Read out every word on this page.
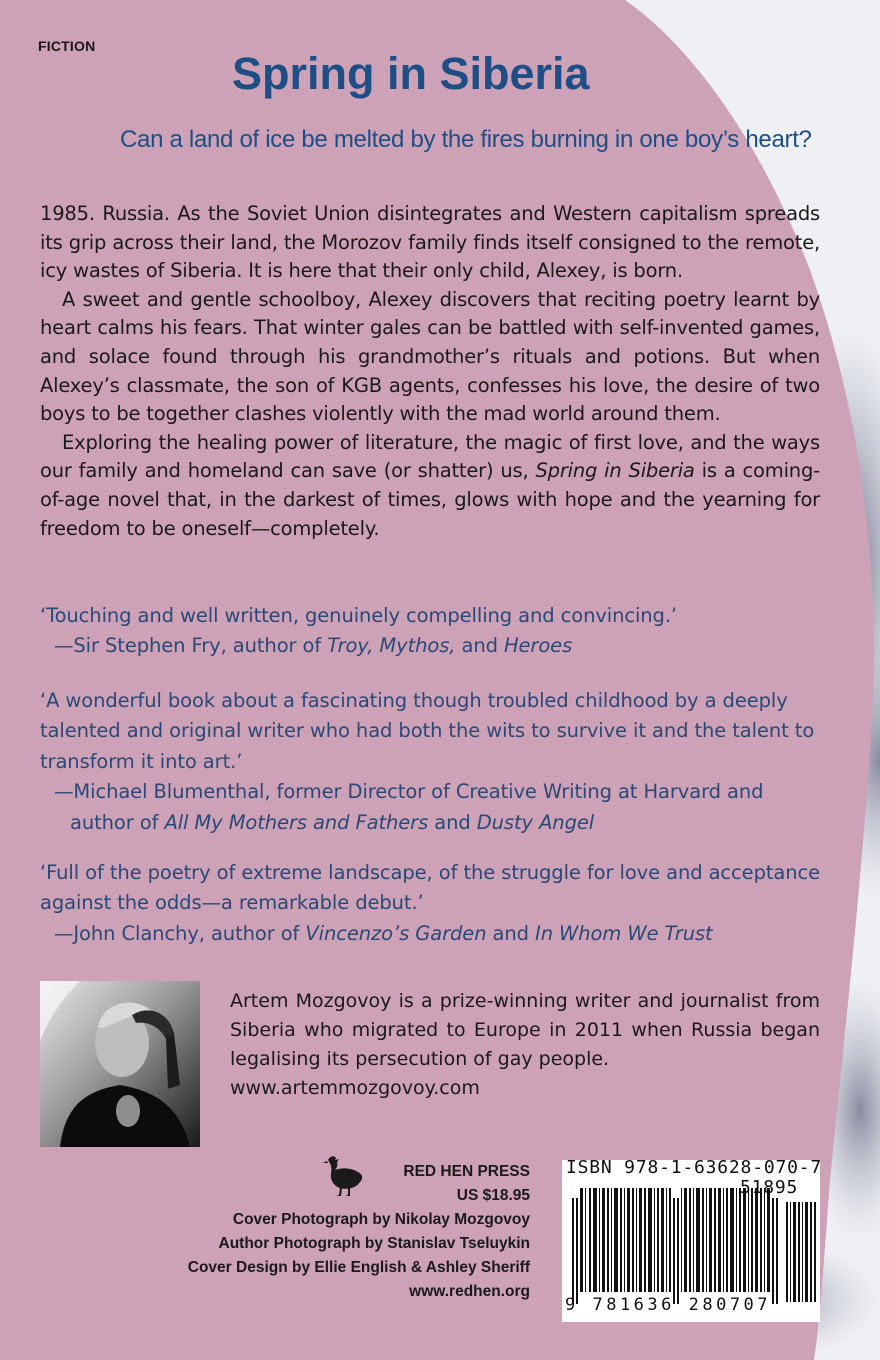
FICTION
Spring in Siberia
Can a land of ice be melted by the fires burning in one boy’s heart?

1985. Russia. As the Soviet Union disintegrates and Western capitalism spreads its grip across their land, the Morozov family finds itself consigned to the remote, icy wastes of Siberia. It is here that their only child, Alexey, is born.

A sweet and gentle schoolboy, Alexey discovers that reciting poetry learnt by heart calms his fears. That winter gales can be battled with self-invented games, and solace found through his grandmother’s rituals and potions. But when Alexey’s classmate, the son of KGB agents, confesses his love, the desire of two boys to be together clashes violently with the mad world around them.

Exploring the healing power of literature, the magic of first love, and the ways our family and homeland can save (or shatter) us, Spring in Siberia is a coming-of-age novel that, in the darkest of times, glows with hope and the yearning for freedom to be oneself—completely.

‘Touching and well written, genuinely compelling and convincing.’

—Sir Stephen Fry, author of Troy, Mythos, and Heroes

‘A wonderful book about a fascinating though troubled childhood by a deeply talented and original writer who had both the wits to survive it and the talent to transform it into art.’

—Michael Blumenthal, former Director of Creative Writing at Harvard and

author of All My Mothers and Fathers and Dusty Angel

‘Full of the poetry of extreme landscape, of the struggle for love and acceptance against the odds—a remarkable debut.’

—John Clanchy, author of Vincenzo’s Garden and In Whom We Trust

Artem Mozgovoy is a prize-winning writer and journalist from Siberia who migrated to Europe in 2011 when Russia began legalising its persecution of gay people.

www.artemmozgovoy.com

RED HEN PRESS
US $18.95
Cover Photograph by Nikolay Mozgovoy
Author Photograph by Stanislav Tseluykin
Cover Design by Ellie English & Ashley Sheriff
www.redhen.org
ISBN 978-1-63628-070-7
51895
9 781636 280707
